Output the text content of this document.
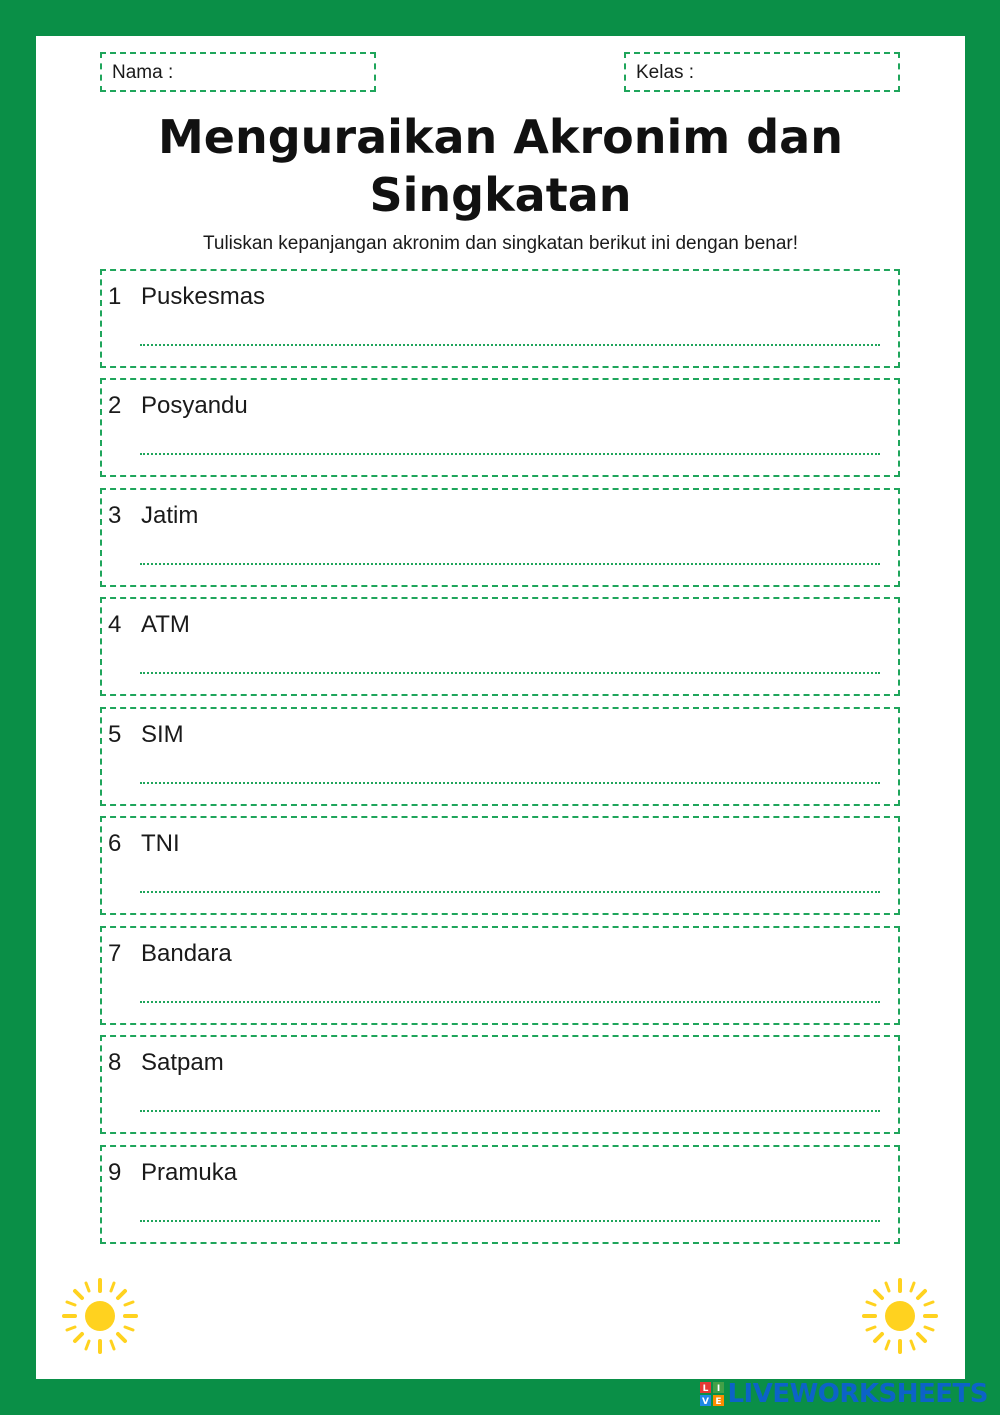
Nama :	Kelas :
Menguraikan Akronim dan
Singkatan
Tuliskan kepanjangan akronim dan singkatan berikut ini dengan benar!
1 Puskesmas
2 Posyandu
3 Jatim
4 ATM
5 SIM
6 TNI
7 Bandara
8 Satpam
9 Pramuka
L I
V E LIVEWORKSHEETS
